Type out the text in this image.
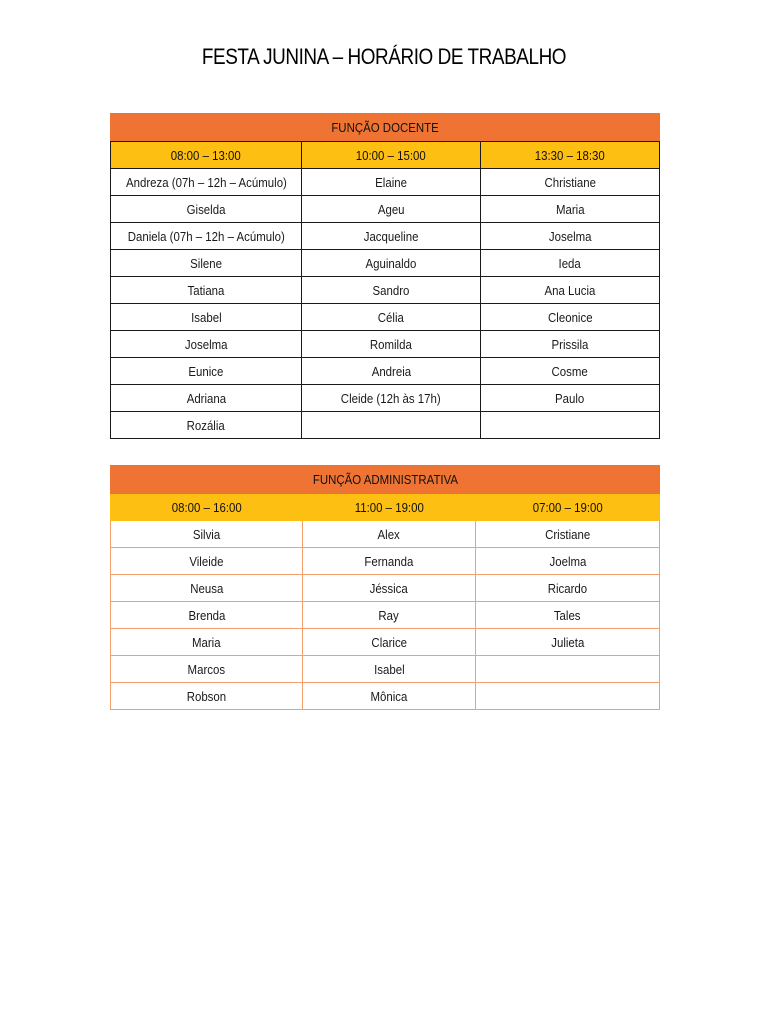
FESTA JUNINA – HORÁRIO DE TRABALHO
FUNÇÃO DOCENTE		
08:00 – 13:00	10:00 – 15:00	13:30 – 18:30
Andreza (07h – 12h – Acúmulo)	Elaine	Christiane
Giselda	Ageu	Maria
Daniela (07h – 12h – Acúmulo)	Jacqueline	Joselma
Silene	Aguinaldo	Ieda
Tatiana	Sandro	Ana Lucia
Isabel	Célia	Cleonice
Joselma	Romilda	Prissila
Eunice	Andreia	Cosme
Adriana	Cleide (12h às 17h)	Paulo
Rozália		
FUNÇÃO ADMINISTRATIVA		
08:00 – 16:00	11:00 – 19:00	07:00 – 19:00
Silvia	Alex	Cristiane
Vileide	Fernanda	Joelma
Neusa	Jéssica	Ricardo
Brenda	Ray	Tales
Maria	Clarice	Julieta
Marcos	Isabel	
Robson	Mônica	
